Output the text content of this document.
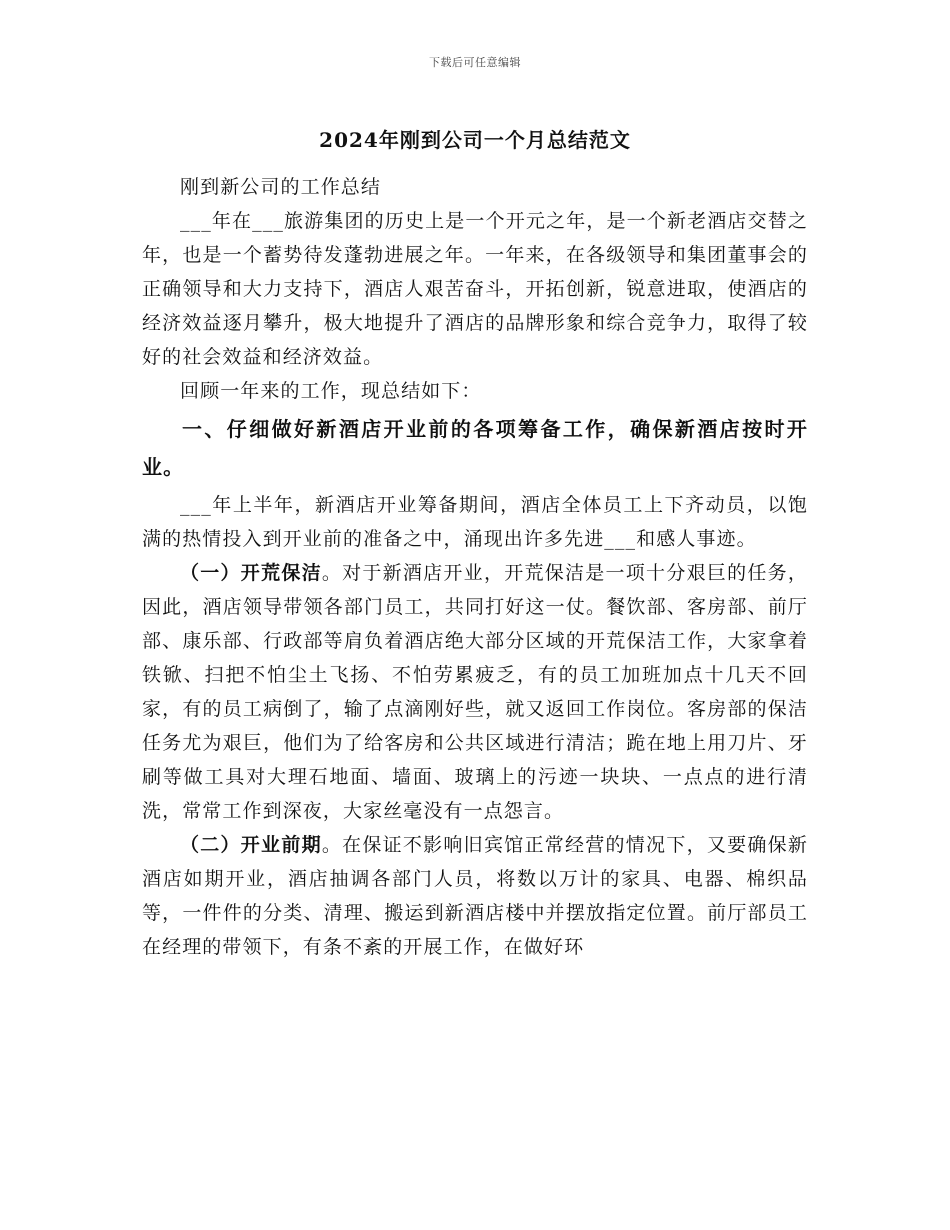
下载后可任意编辑
2024年刚到公司一个月总结范文

刚到新公司的工作总结

___年在___旅游集团的历史上是一个开元之年，是一个新老酒店交替之年，也是一个蓄势待发蓬勃进展之年。一年来，在各级领导和集团董事会的正确领导和大力支持下，酒店人艰苦奋斗，开拓创新，锐意进取，使酒店的经济效益逐月攀升，极大地提升了酒店的品牌形象和综合竞争力，取得了较好的社会效益和经济效益。

回顾一年来的工作，现总结如下：

一、仔细做好新酒店开业前的各项筹备工作，确保新酒店按时开业。

___年上半年，新酒店开业筹备期间，酒店全体员工上下齐动员，以饱满的热情投入到开业前的准备之中，涌现出许多先进___和感人事迹。

（一）开荒保洁。对于新酒店开业，开荒保洁是一项十分艰巨的任务，因此，酒店领导带领各部门员工，共同打好这一仗。餐饮部、客房部、前厅部、康乐部、行政部等肩负着酒店绝大部分区域的开荒保洁工作，大家拿着铁锨、扫把不怕尘土飞扬、不怕劳累疲乏，有的员工加班加点十几天不回家，有的员工病倒了，输了点滴刚好些，就又返回工作岗位。客房部的保洁任务尤为艰巨，他们为了给客房和公共区域进行清洁；跪在地上用刀片、牙刷等做工具对大理石地面、墙面、玻璃上的污迹一块块、一点点的进行清洗，常常工作到深夜，大家丝毫没有一点怨言。

（二）开业前期。在保证不影响旧宾馆正常经营的情况下，又要确保新酒店如期开业，酒店抽调各部门人员，将数以万计的家具、电器、棉织品等，一件件的分类、清理、搬运到新酒店楼中并摆放指定位置。前厅部员工在经理的带领下，有条不紊的开展工作，在做好环
